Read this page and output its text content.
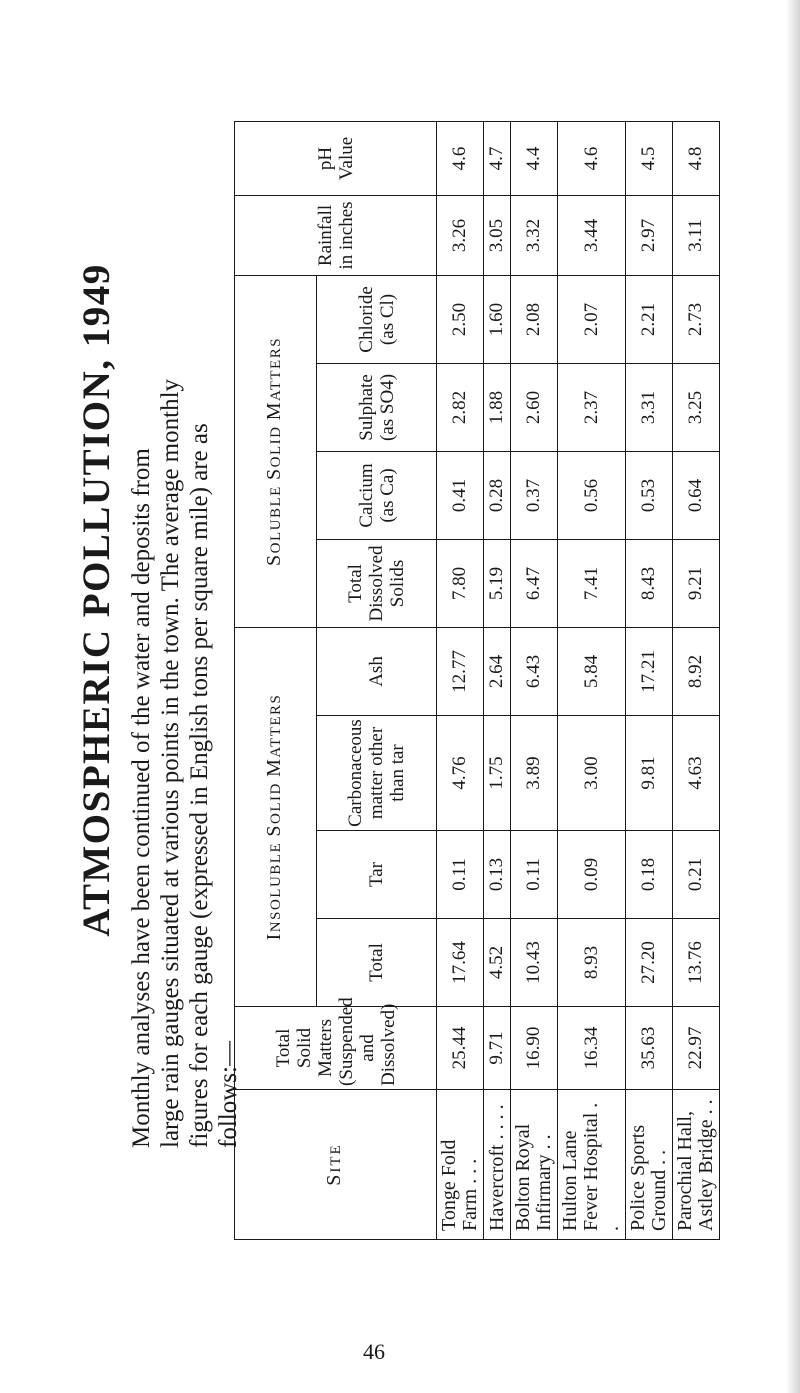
ATMOSPHERIC POLLUTION, 1949 Monthly analyses have been continued of the water and deposits from large rain gauges situated at various points in the town. The average monthly figures for each gauge (expressed in English tons per square mile) are as follows:—
SITE	Total Solid Matters (Suspended and Dissolved)	INSOLUBLE SOLID MATTERS				SOLUBLE SOLID MATTERS				Rainfall in inches	pH Value
		Total	Tar	Carbonaceous matter other than tar	Ash	Total Dissolved Solids	Calcium (as Ca)	Sulphate (as SO4)	Chloride (as Cl)		
Tonge Fold Farm . . .	25.44	17.64	0.11	4.76	12.77	7.80	0.41	2.82	2.50	3.26	4.6
Havercroft . . . .	9.71	4.52	0.13	1.75	2.64	5.19	0.28	1.88	1.60	3.05	4.7
Bolton Royal Infirmary . .	16.90	10.43	0.11	3.89	6.43	6.47	0.37	2.60	2.08	3.32	4.4
Hulton Lane Fever Hospital . .	16.34	8.93	0.09	3.00	5.84	7.41	0.56	2.37	2.07	3.44	4.6
Police Sports Ground . .	35.63	27.20	0.18	9.81	17.21	8.43	0.53	3.31	2.21	2.97	4.5
Parochial Hall, Astley Bridge . .	22.97	13.76	0.21	4.63	8.92	9.21	0.64	3.25	2.73	3.11	4.8
46
